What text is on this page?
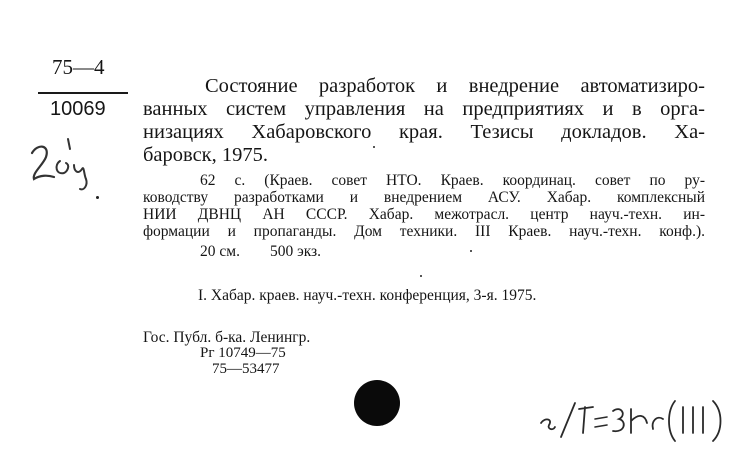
75—4
10069
Состояние разработок и внедрение автоматизиро-
ванных систем управления на предприятиях и в орга-
низациях Хабаровского края. Тезисы докладов. Ха-
баровск, 1975.
62 с. (Краев. совет НТО. Краев. координац. совет по ру-
ководству разработками и внедрением АСУ. Хабар. комплексный
НИИ ДВНЦ АН СССР. Хабар. межотрасл. центр науч.-техн. ин-
формации и пропаганды. Дом техники. III Краев. науч.-техн. конф.).
20 см. 500 экз.
I. Хабар. краев. науч.-техн. конференция, 3-я. 1975.
Гос. Публ. б-ка. Ленингр.
Рг 10749—75
75—53477
